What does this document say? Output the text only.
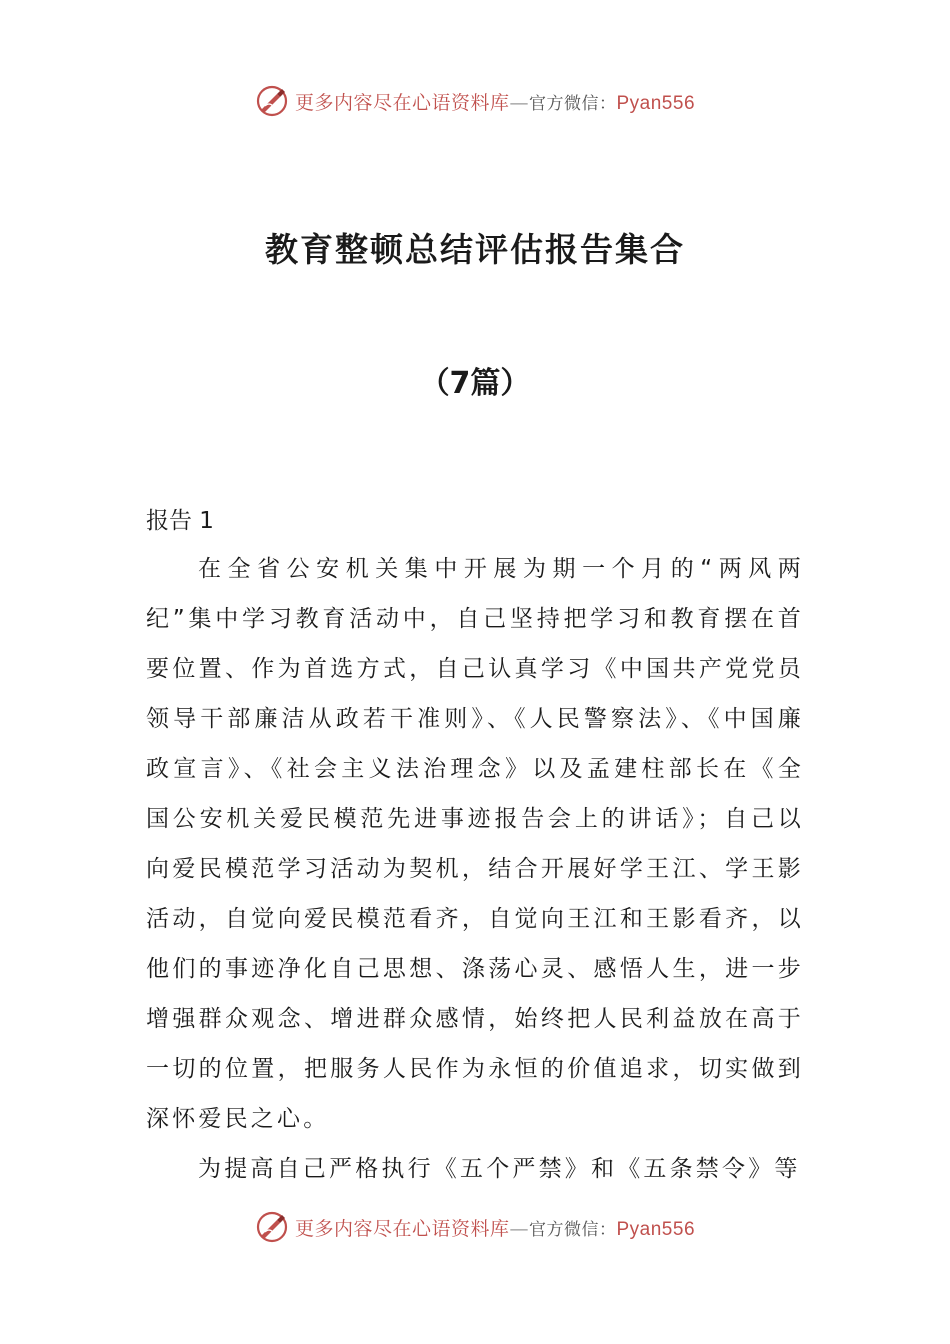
更多内容尽在心语资料库—官方微信：Pyan556
教育整顿总结评估报告集合
（7篇）
报告 1

在全省公安机关集中开展为期一个月的“两风两纪”集中学习教育活动中，自己坚持把学习和教育摆在首要位置、作为首选方式，自己认真学习《中国共产党党员领导干部廉洁从政若干准则》、《人民警察法》、《中国廉政宣言》、《社会主义法治理念》以及孟建柱部长在《全国公安机关爱民模范先进事迹报告会上的讲话》；自己以向爱民模范学习活动为契机，结合开展好学王江、学王影活动，自觉向爱民模范看齐，自觉向王江和王影看齐，以他们的事迹净化自己思想、涤荡心灵、感悟人生，进一步增强群众观念、增进群众感情，始终把人民利益放在高于一切的位置，把服务人民作为永恒的价值追求，切实做到深怀爱民之心。

为提高自己严格执行《五个严禁》和《五条禁令》等

更多内容尽在心语资料库—官方微信：Pyan556
